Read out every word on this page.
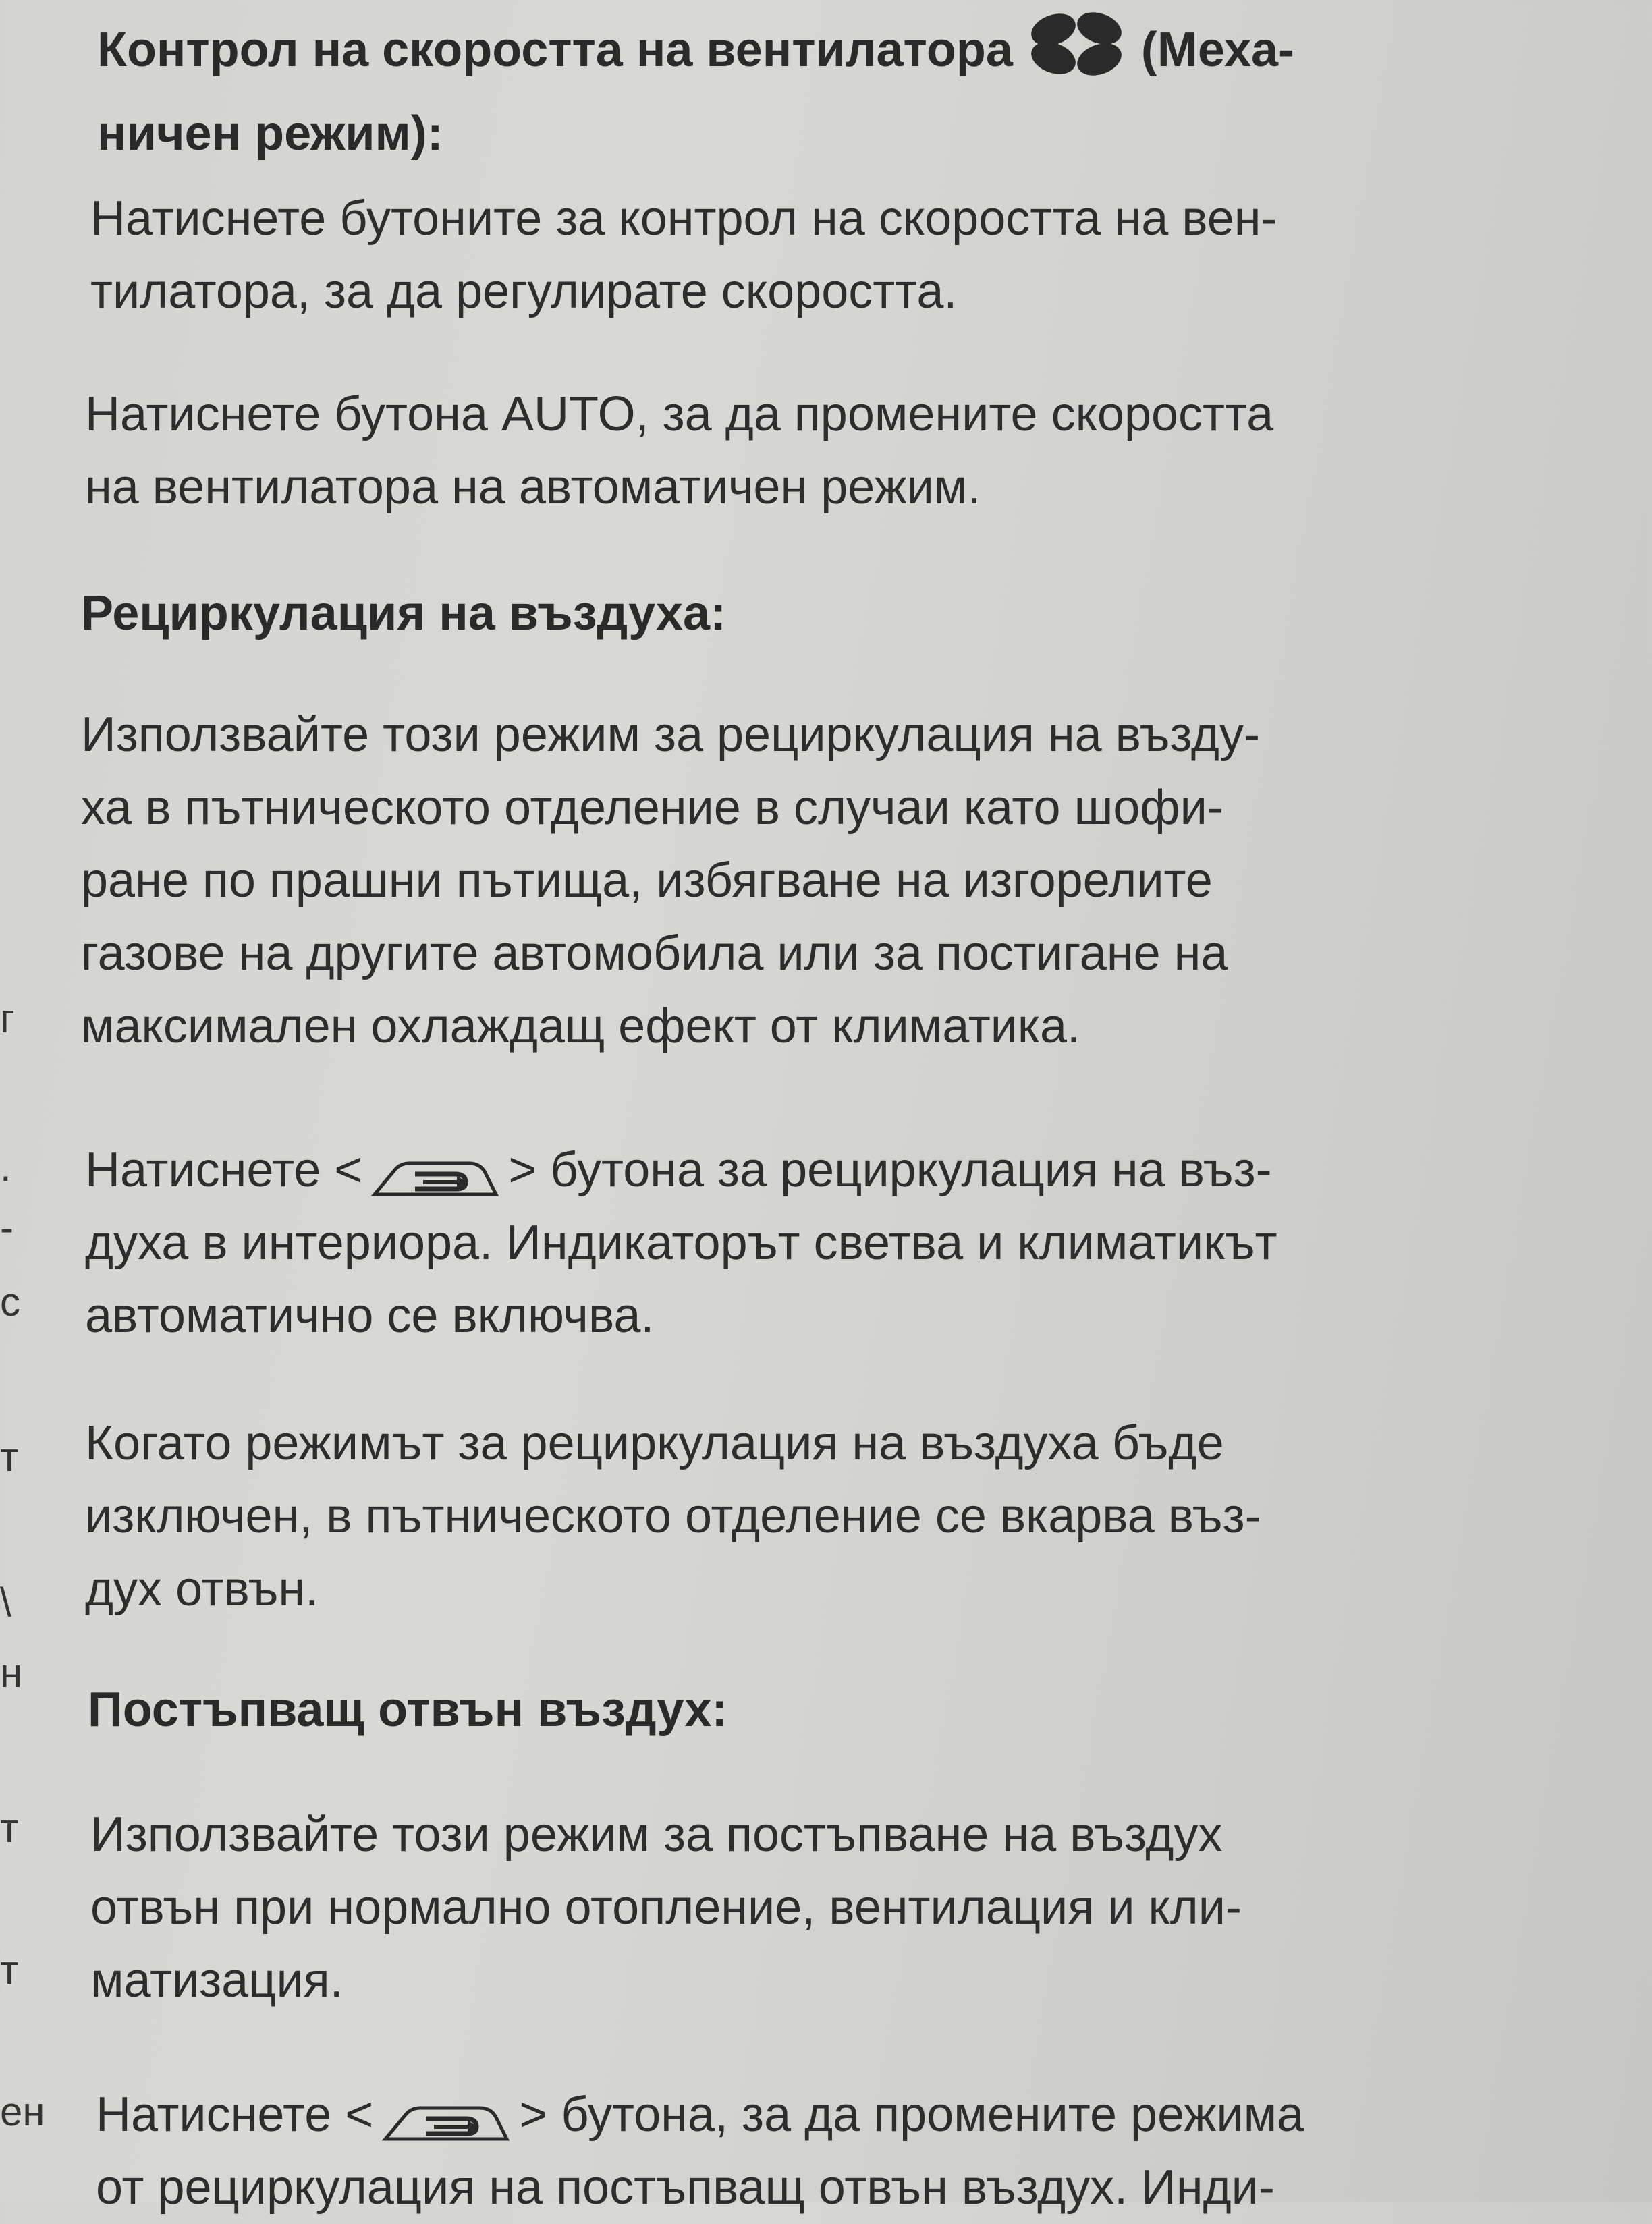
г
.
-
с
т
\
н
т
т
ен

Контрол на скоростта на вентилатора	(Меха-

ничен режим):

Натиснете бутоните за контрол на скоростта на вен-

тилатора, за да регулирате скоростта.

Натиснете бутона AUTO, за да промените скоростта

на вентилатора на автоматичен режим.

Рециркулация на въздуха:

Използвайте този режим за рециркулация на възду-

ха в пътническото отделение в случаи като шофи-

ране по прашни пътища, избягване на изгорелите

газове на другите автомобила или за постигане на

максимален охлаждащ ефект от климатика.

Натиснете <	> бутона за рециркулация на въз-

духа в интериора. Индикаторът светва и климатикът

автоматично се включва.

Когато режимът за рециркулация на въздуха бъде

изключен, в пътническото отделение се вкарва въз-

дух отвън.

Постъпващ отвън въздух:

Използвайте този режим за постъпване на въздух

отвън при нормално отопление, вентилация и кли-

матизация.

Натиснете <	> бутона, за да промените режима

от рециркулация на постъпващ отвън въздух. Инди-
